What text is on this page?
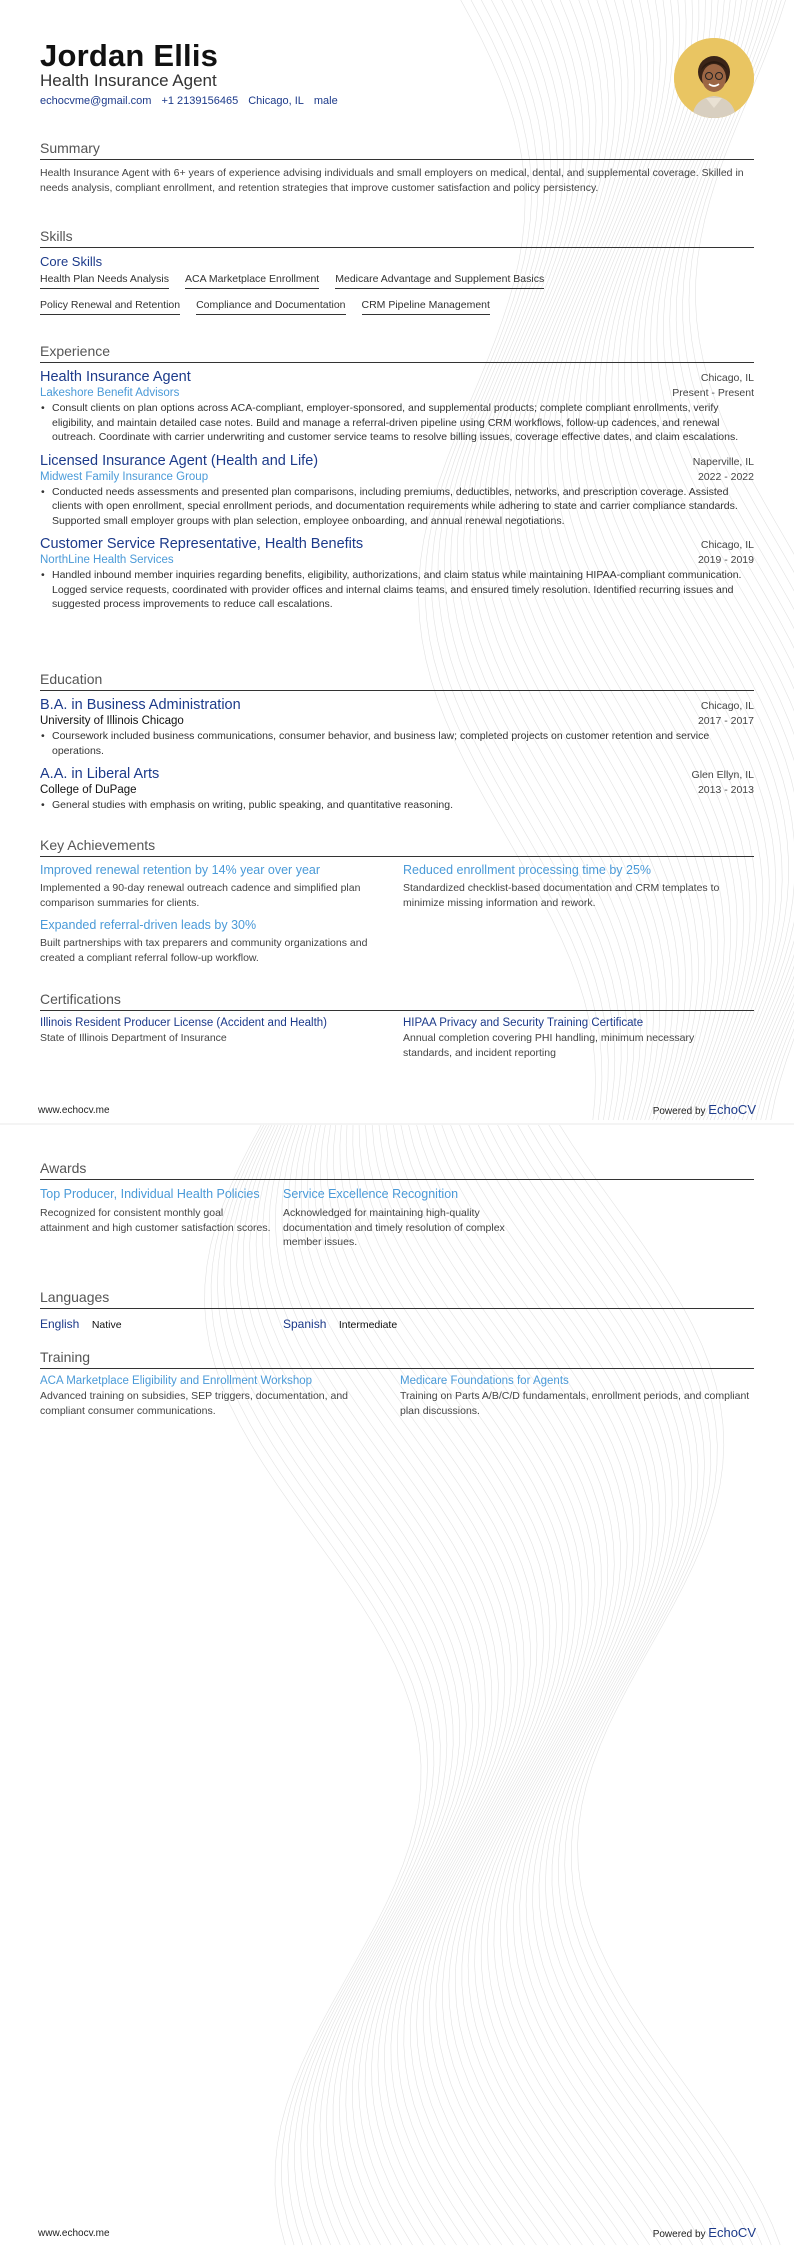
Jordan Ellis
Health Insurance Agent
echocvme@gmail.com +1 2139156465 Chicago, IL male
Summary
Health Insurance Agent with 6+ years of experience advising individuals and small employers on medical, dental, and supplemental coverage. Skilled in needs analysis, compliant enrollment, and retention strategies that improve customer satisfaction and policy persistency.
Skills
Core Skills
Health Plan Needs Analysis ACA Marketplace Enrollment Medicare Advantage and Supplement Basics
Policy Renewal and Retention Compliance and Documentation CRM Pipeline Management
Experience
Health Insurance Agent	Chicago, IL
Lakeshore Benefit Advisors	Present - Present
• Consult clients on plan options across ACA-compliant, employer-sponsored, and supplemental products; complete compliant enrollments, verify eligibility, and maintain detailed case notes. Build and manage a referral-driven pipeline using CRM workflows, follow-up cadences, and renewal outreach. Coordinate with carrier underwriting and customer service teams to resolve billing issues, coverage effective dates, and claim escalations.
Licensed Insurance Agent (Health and Life)	Naperville, IL
Midwest Family Insurance Group	2022 - 2022
• Conducted needs assessments and presented plan comparisons, including premiums, deductibles, networks, and prescription coverage. Assisted clients with open enrollment, special enrollment periods, and documentation requirements while adhering to state and carrier compliance standards. Supported small employer groups with plan selection, employee onboarding, and annual renewal negotiations.
Customer Service Representative, Health Benefits	Chicago, IL
NorthLine Health Services	2019 - 2019
• Handled inbound member inquiries regarding benefits, eligibility, authorizations, and claim status while maintaining HIPAA-compliant communication. Logged service requests, coordinated with provider offices and internal claims teams, and ensured timely resolution. Identified recurring issues and suggested process improvements to reduce call escalations.
Education
B.A. in Business Administration	Chicago, IL
University of Illinois Chicago	2017 - 2017
• Coursework included business communications, consumer behavior, and business law; completed projects on customer retention and service operations.
A.A. in Liberal Arts	Glen Ellyn, IL
College of DuPage	2013 - 2013
• General studies with emphasis on writing, public speaking, and quantitative reasoning.
Key Achievements
Improved renewal retention by 14% year over year
Implemented a 90-day renewal outreach cadence and simplified plan comparison summaries for clients.
Reduced enrollment processing time by 25%
Standardized checklist-based documentation and CRM templates to minimize missing information and rework.
Expanded referral-driven leads by 30%
Built partnerships with tax preparers and community organizations and created a compliant referral follow-up workflow.
Certifications
Illinois Resident Producer License (Accident and Health)
State of Illinois Department of Insurance
HIPAA Privacy and Security Training Certificate
Annual completion covering PHI handling, minimum necessary standards, and incident reporting
www.echocv.me	Powered by EchoCV
Awards
Top Producer, Individual Health Policies
Recognized for consistent monthly goal attainment and high customer satisfaction scores.
Service Excellence Recognition
Acknowledged for maintaining high-quality documentation and timely resolution of complex member issues.
Languages
English Native	Spanish Intermediate
Training
ACA Marketplace Eligibility and Enrollment Workshop
Advanced training on subsidies, SEP triggers, documentation, and compliant consumer communications.
Medicare Foundations for Agents
Training on Parts A/B/C/D fundamentals, enrollment periods, and compliant plan discussions.
www.echocv.me	Powered by EchoCV
